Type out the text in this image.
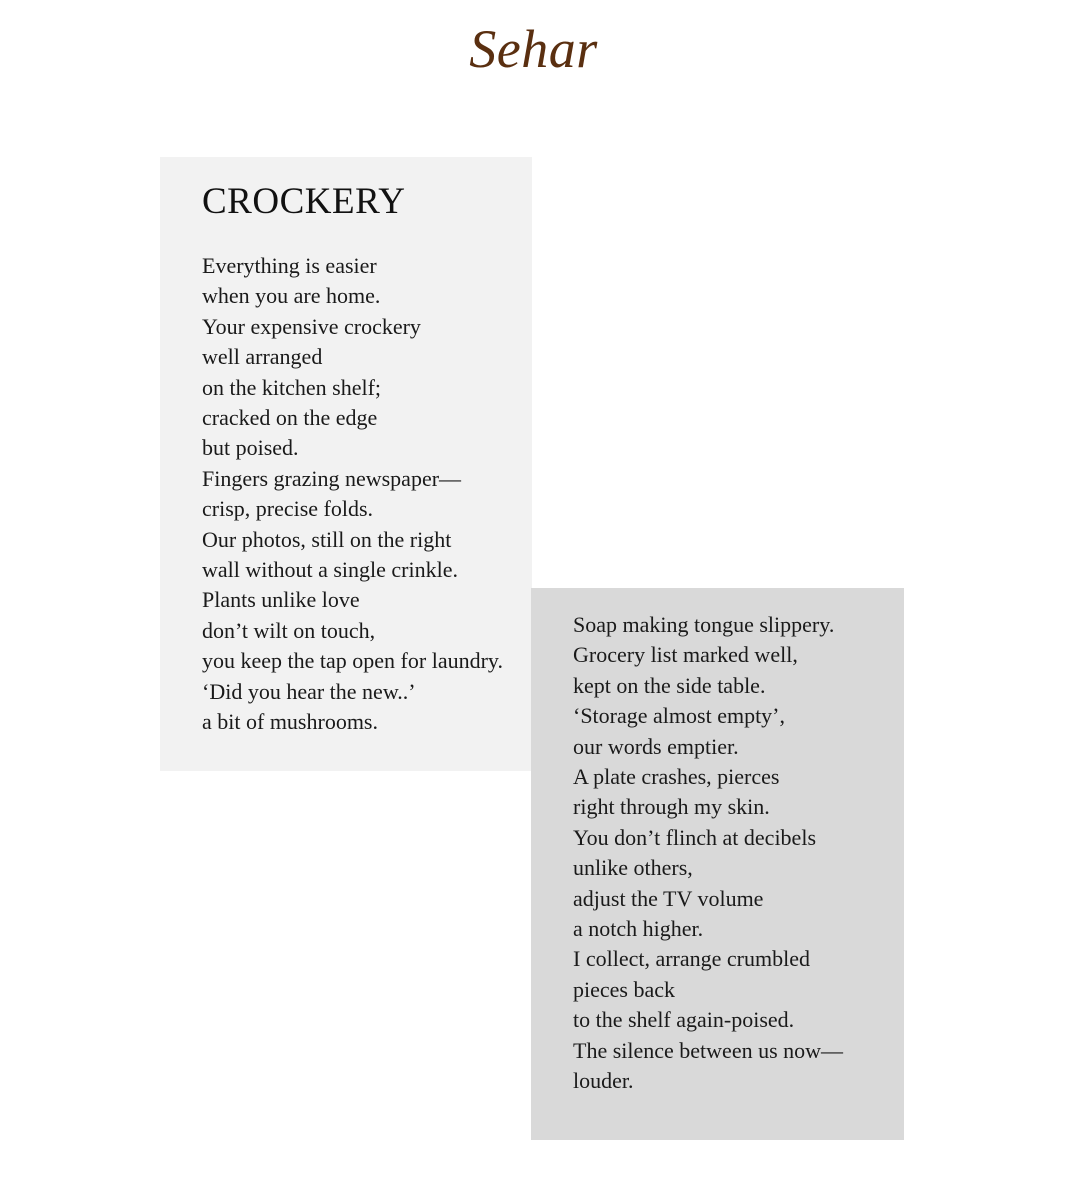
Sehar
CROCKERY
Everything is easier
when you are home.
Your expensive crockery
well arranged
on the kitchen shelf;
cracked on the edge
but poised.
Fingers grazing newspaper—
crisp, precise folds.
Our photos, still on the right
wall without a single crinkle.
Plants unlike love
don’t wilt on touch,
you keep the tap open for laundry.
‘Did you hear the new..’
a bit of mushrooms.
Soap making tongue slippery.
Grocery list marked well,
kept on the side table.
‘Storage almost empty’,
our words emptier.
A plate crashes, pierces
right through my skin.
You don’t flinch at decibels
unlike others,
adjust the TV volume
a notch higher.
I collect, arrange crumbled
pieces back
to the shelf again-poised.
The silence between us now—
louder.
